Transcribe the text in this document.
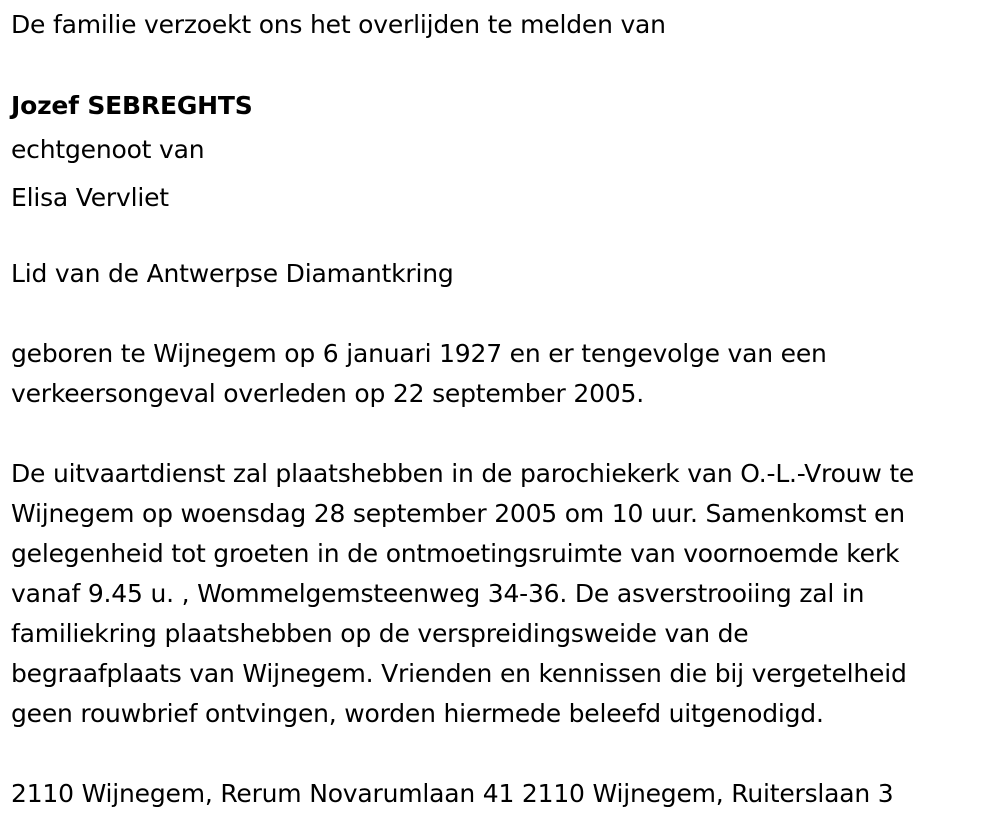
De familie verzoekt ons het overlijden te melden van
Jozef SEBREGHTS
echtgenoot van
Elisa Vervliet
Lid van de Antwerpse Diamantkring
geboren te Wijnegem op 6 januari 1927 en er tengevolge van een
verkeersongeval overleden op 22 september 2005.
De uitvaartdienst zal plaatshebben in de parochiekerk van O.-L.-Vrouw te
Wijnegem op woensdag 28 september 2005 om 10 uur. Samenkomst en
gelegenheid tot groeten in de ontmoetingsruimte van voornoemde kerk
vanaf 9.45 u. , Wommelgemsteenweg 34-36. De asverstrooiing zal in
familiekring plaatshebben op de verspreidingsweide van de
begraafplaats van Wijnegem. Vrienden en kennissen die bij vergetelheid
geen rouwbrief ontvingen, worden hiermede beleefd uitgenodigd.
2110 Wijnegem, Rerum Novarumlaan 41 2110 Wijnegem, Ruiterslaan 3
